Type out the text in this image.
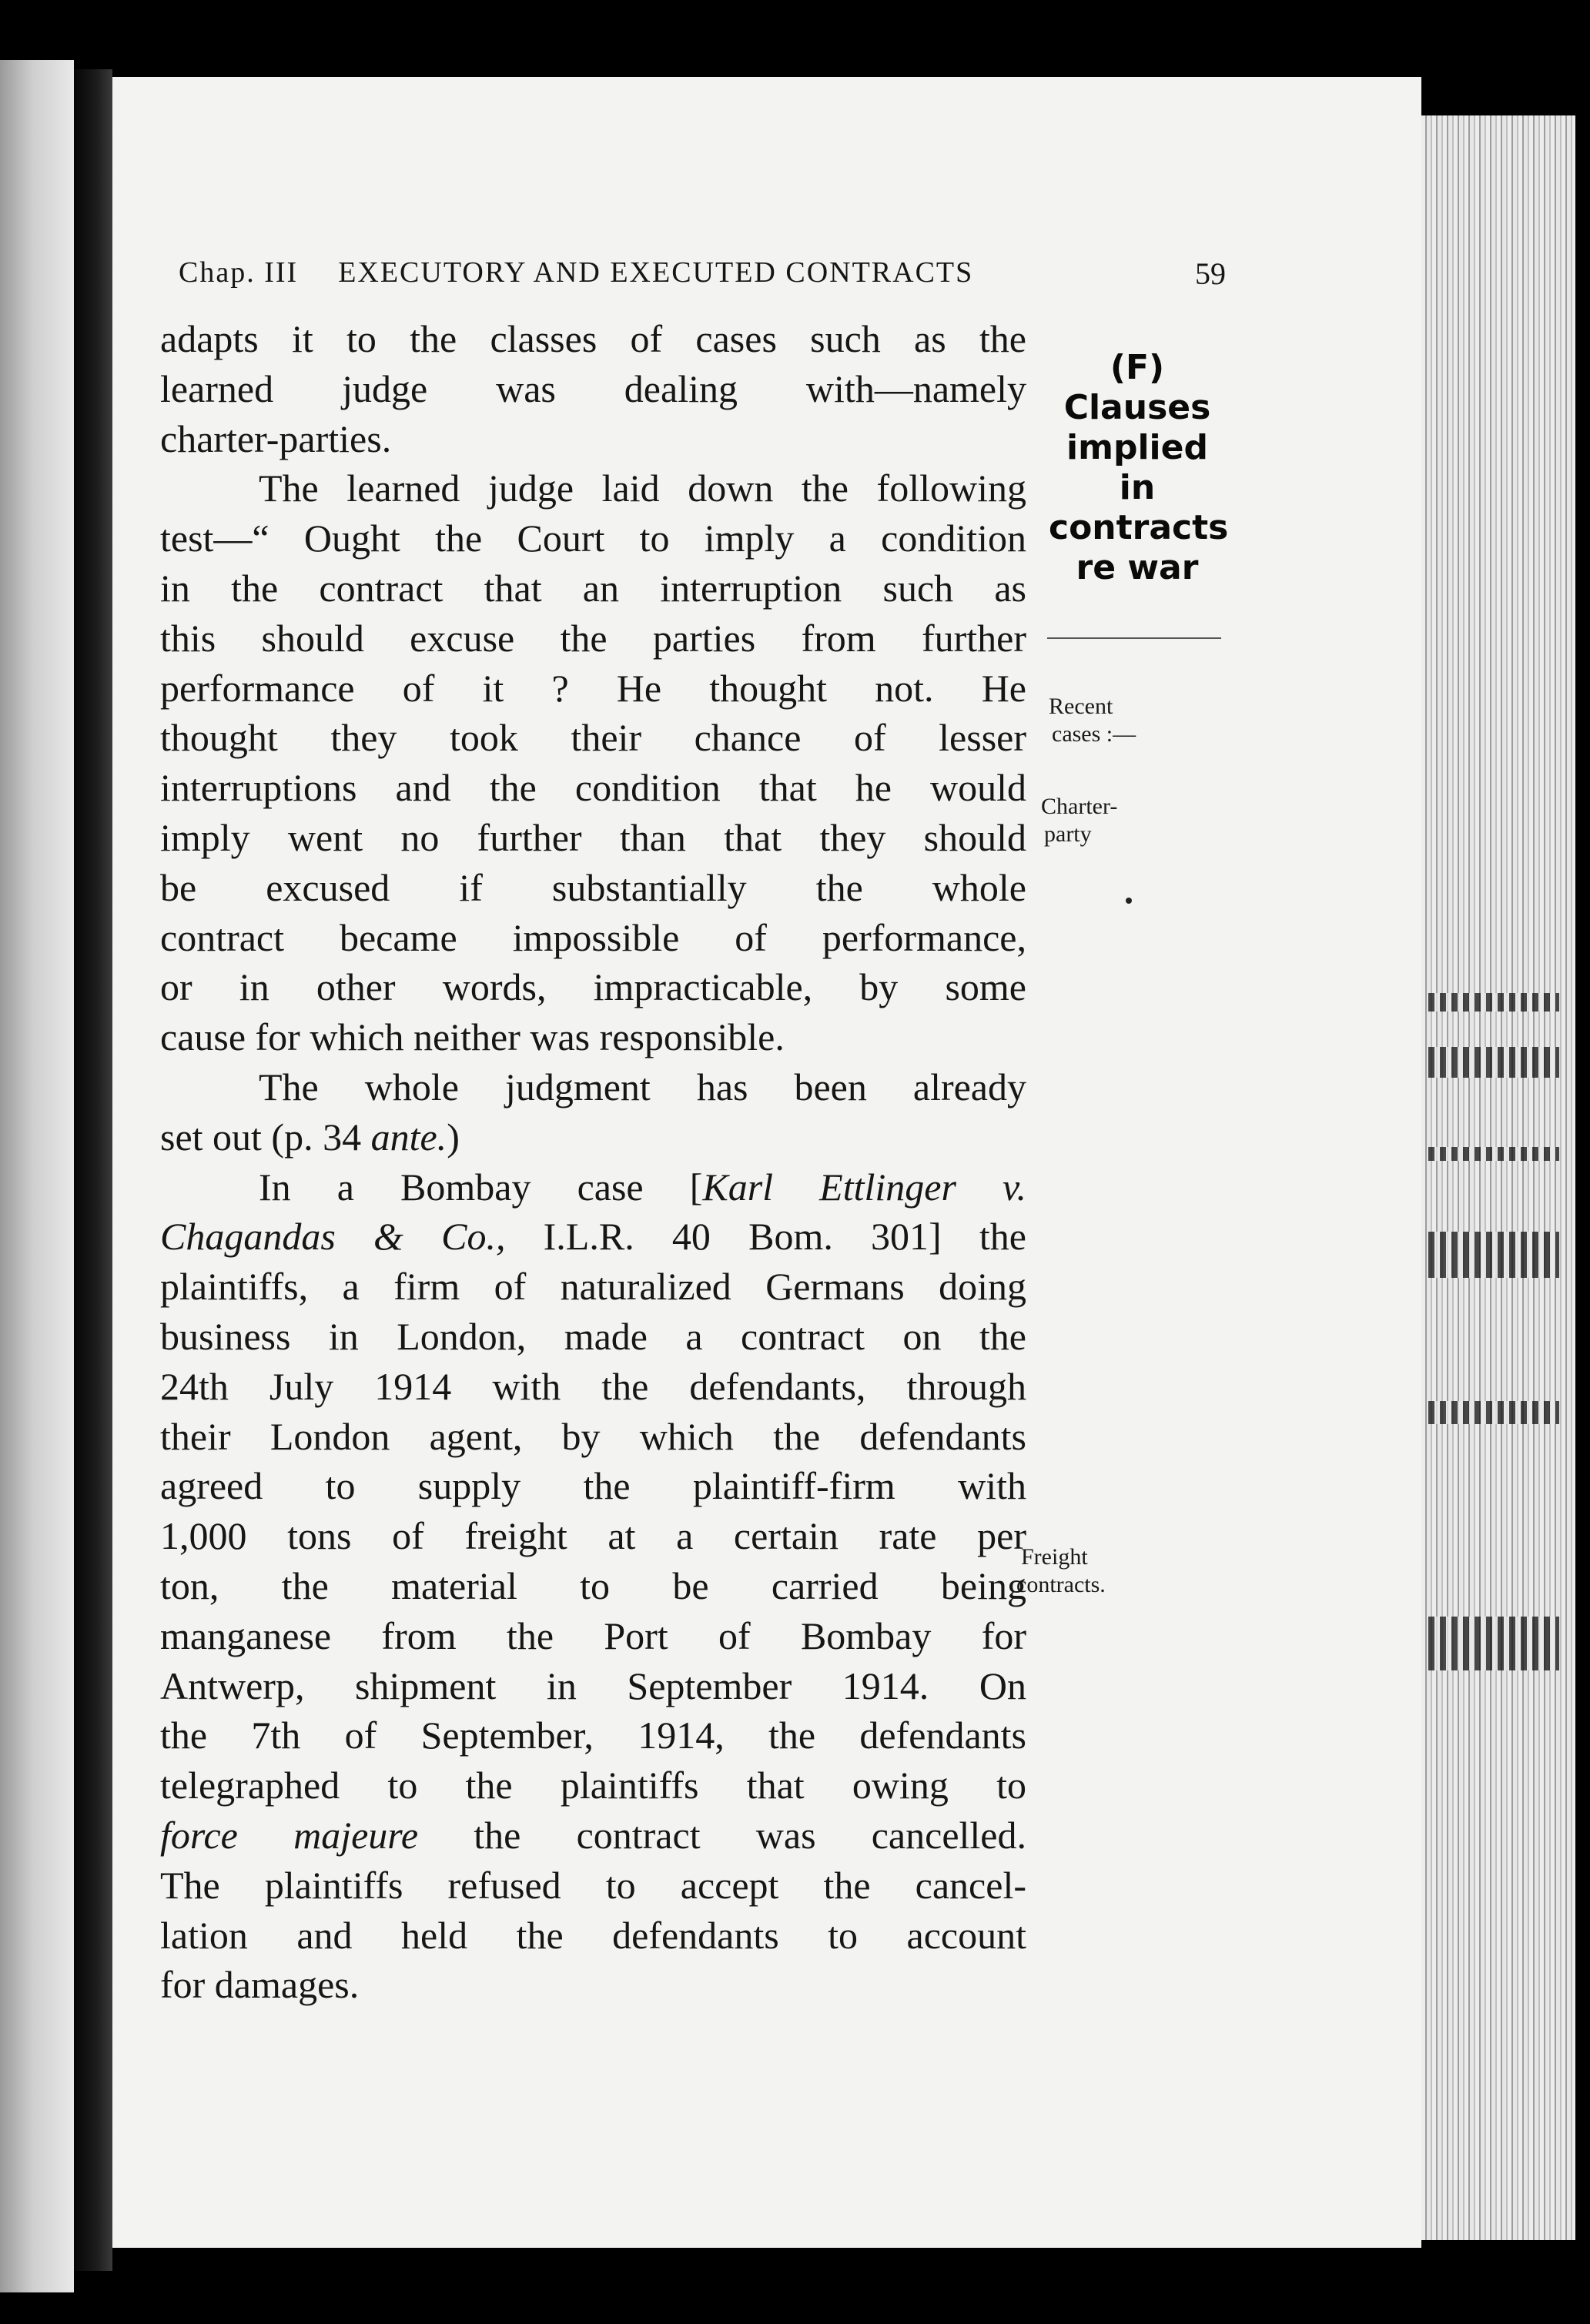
Chap. III EXECUTORY AND EXECUTED CONTRACTS	59
(F)
Clauses
implied
in
contracts
re war
Recent
cases :—
Charter-
party
Freight
contracts.
adapts it to the classes of cases such as the
learned judge was dealing with—namely
charter-parties.
The learned judge laid down the following
test—“ Ought the Court to imply a condition
in the contract that an interruption such as
this should excuse the parties from further
performance of it ? He thought not. He
thought they took their chance of lesser
interruptions and the condition that he would
imply went no further than that they should
be excused if substantially the whole
contract became impossible of performance,
or in other words, impracticable, by some
cause for which neither was responsible.
The whole judgment has been already
set out (p. 34 ante.)
In a Bombay case [Karl Ettlinger v.
Chagandas & Co., I.L.R. 40 Bom. 301] the
plaintiffs, a firm of naturalized Germans doing
business in London, made a contract on the
24th July 1914 with the defendants, through
their London agent, by which the defendants
agreed to supply the plaintiff-firm with
1,000 tons of freight at a certain rate per
ton, the material to be carried being
manganese from the Port of Bombay for
Antwerp, shipment in September 1914. On
the 7th of September, 1914, the defendants
telegraphed to the plaintiffs that owing to
force majeure the contract was cancelled.
The plaintiffs refused to accept the cancel-
lation and held the defendants to account
for damages.
